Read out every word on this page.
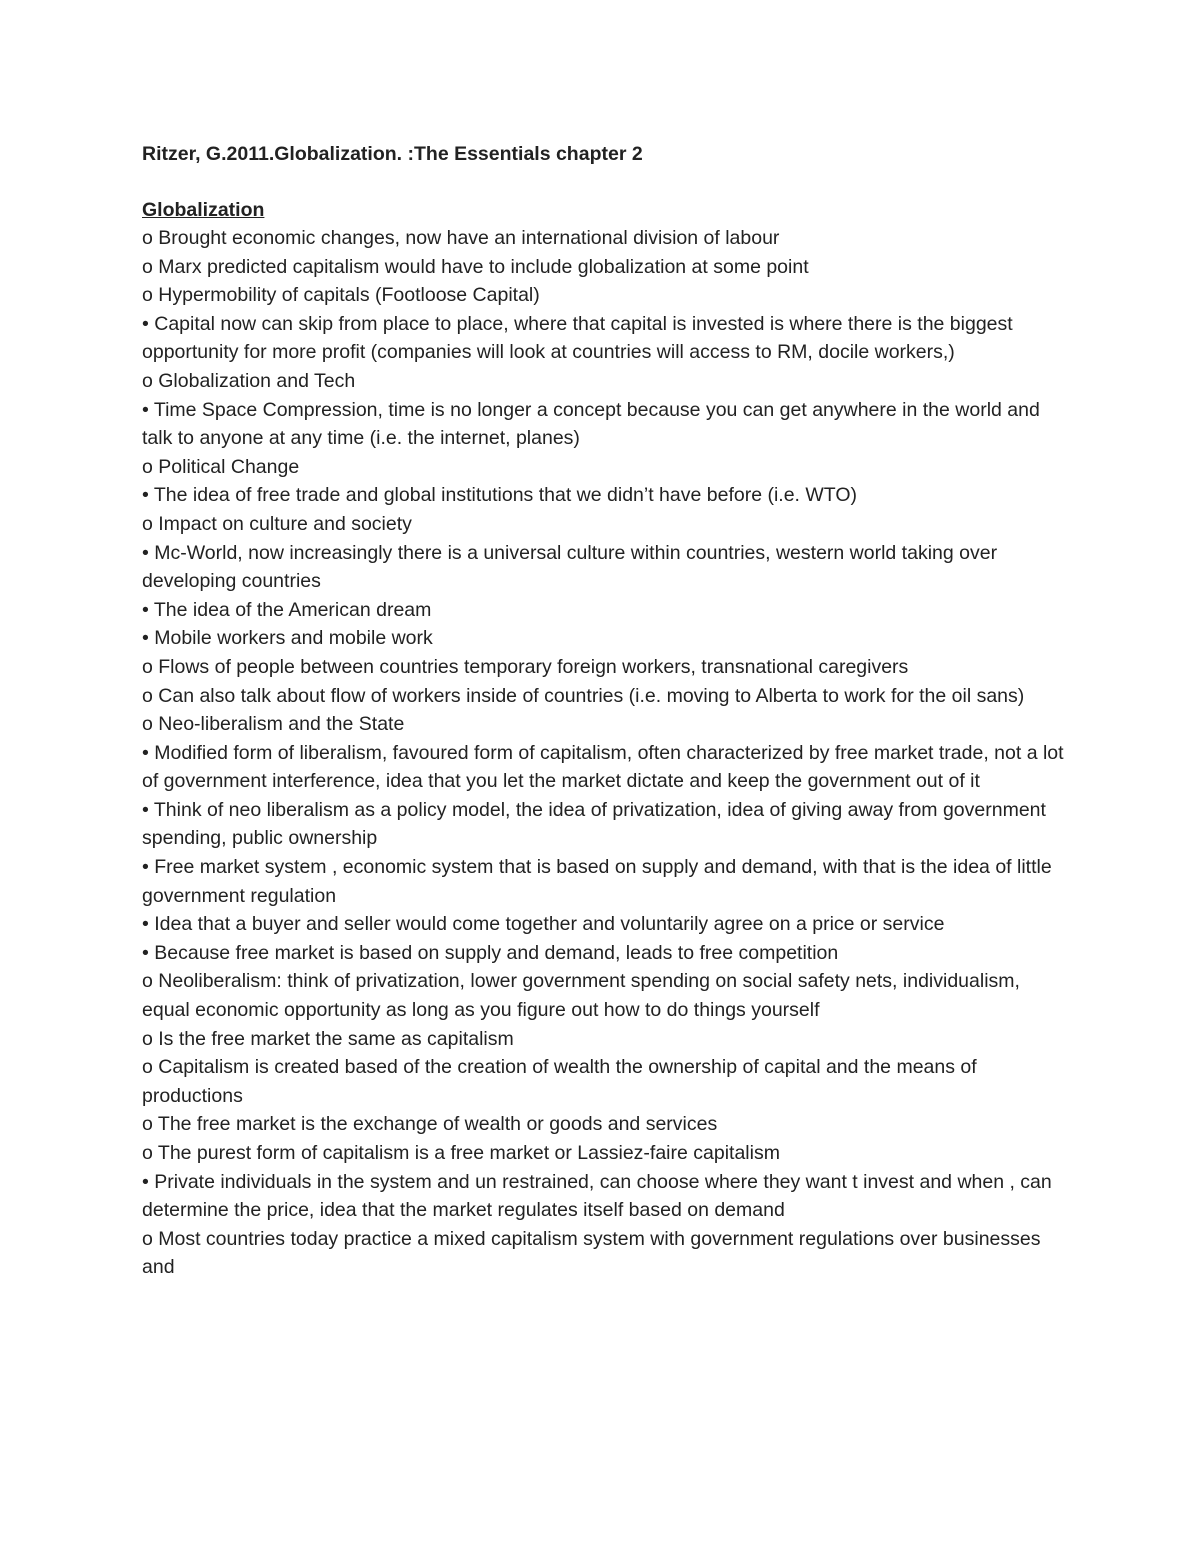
Ritzer, G.2011.Globalization. :The Essentials chapter 2

Globalization

o Brought economic changes, now have an international division of labour
o Marx predicted capitalism would have to include globalization at some point
o Hypermobility of capitals (Footloose Capital)
• Capital now can skip from place to place, where that capital is invested is where there is the biggest opportunity for more profit (companies will look at countries will access to RM, docile workers,)
o Globalization and Tech
• Time Space Compression, time is no longer a concept because you can get anywhere in the world and talk to anyone at any time (i.e. the internet, planes)
o Political Change
• The idea of free trade and global institutions that we didn’t have before (i.e. WTO)
o Impact on culture and society
• Mc-World, now increasingly there is a universal culture within countries, western world taking over developing countries
• The idea of the American dream
• Mobile workers and mobile work
o Flows of people between countries temporary foreign workers, transnational caregivers
o Can also talk about flow of workers inside of countries (i.e. moving to Alberta to work for the oil sans)
o Neo-liberalism and the State
• Modified form of liberalism, favoured form of capitalism, often characterized by free market trade, not a lot of government interference, idea that you let the market dictate and keep the government out of it
• Think of neo liberalism as a policy model, the idea of privatization, idea of giving away from government spending, public ownership
• Free market system , economic system that is based on supply and demand, with that is the idea of little government regulation
• Idea that a buyer and seller would come together and voluntarily agree on a price or service
• Because free market is based on supply and demand, leads to free competition
o Neoliberalism: think of privatization, lower government spending on social safety nets, individualism, equal economic opportunity as long as you figure out how to do things yourself
o Is the free market the same as capitalism
o Capitalism is created based of the creation of wealth the ownership of capital and the means of productions
o The free market is the exchange of wealth or goods and services
o The purest form of capitalism is a free market or Lassiez-faire capitalism
• Private individuals in the system and un restrained, can choose where they want t invest and when , can determine the price, idea that the market regulates itself based on demand
o Most countries today practice a mixed capitalism system with government regulations over businesses and
